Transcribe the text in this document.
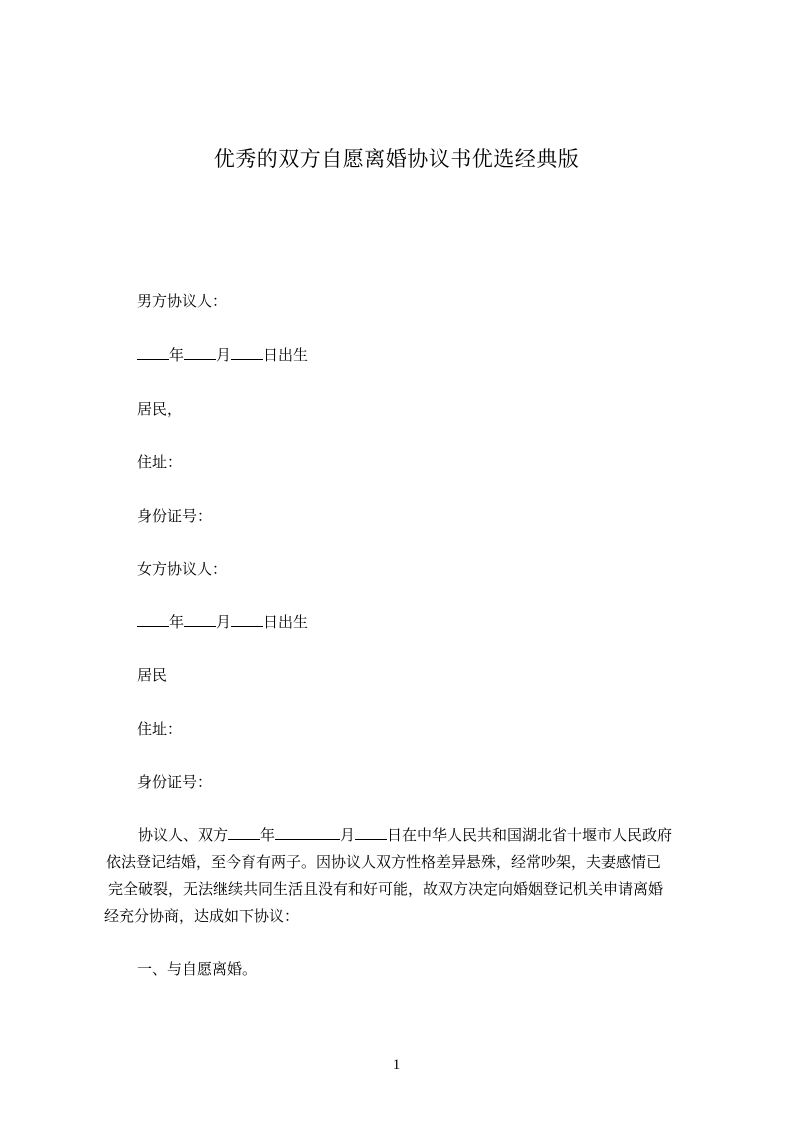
优秀的双方自愿离婚协议书优选经典版
男方协议人：
年 月 日出生
居民，
住址：
身份证号：
女方协议人：
年 月 日出生
居民
住址：
身份证号：

协议人、双方 年	月 日在中华人民共和国湖北省十堰市人民政府

依法登记结婚，至今育有两子。因协议人双方性格差异悬殊，经常吵架，夫妻感情已

完全破裂，无法继续共同生活且没有和好可能，故双方决定向婚姻登记机关申请离婚

经充分协商，达成如下协议：

一、与自愿离婚。
1
